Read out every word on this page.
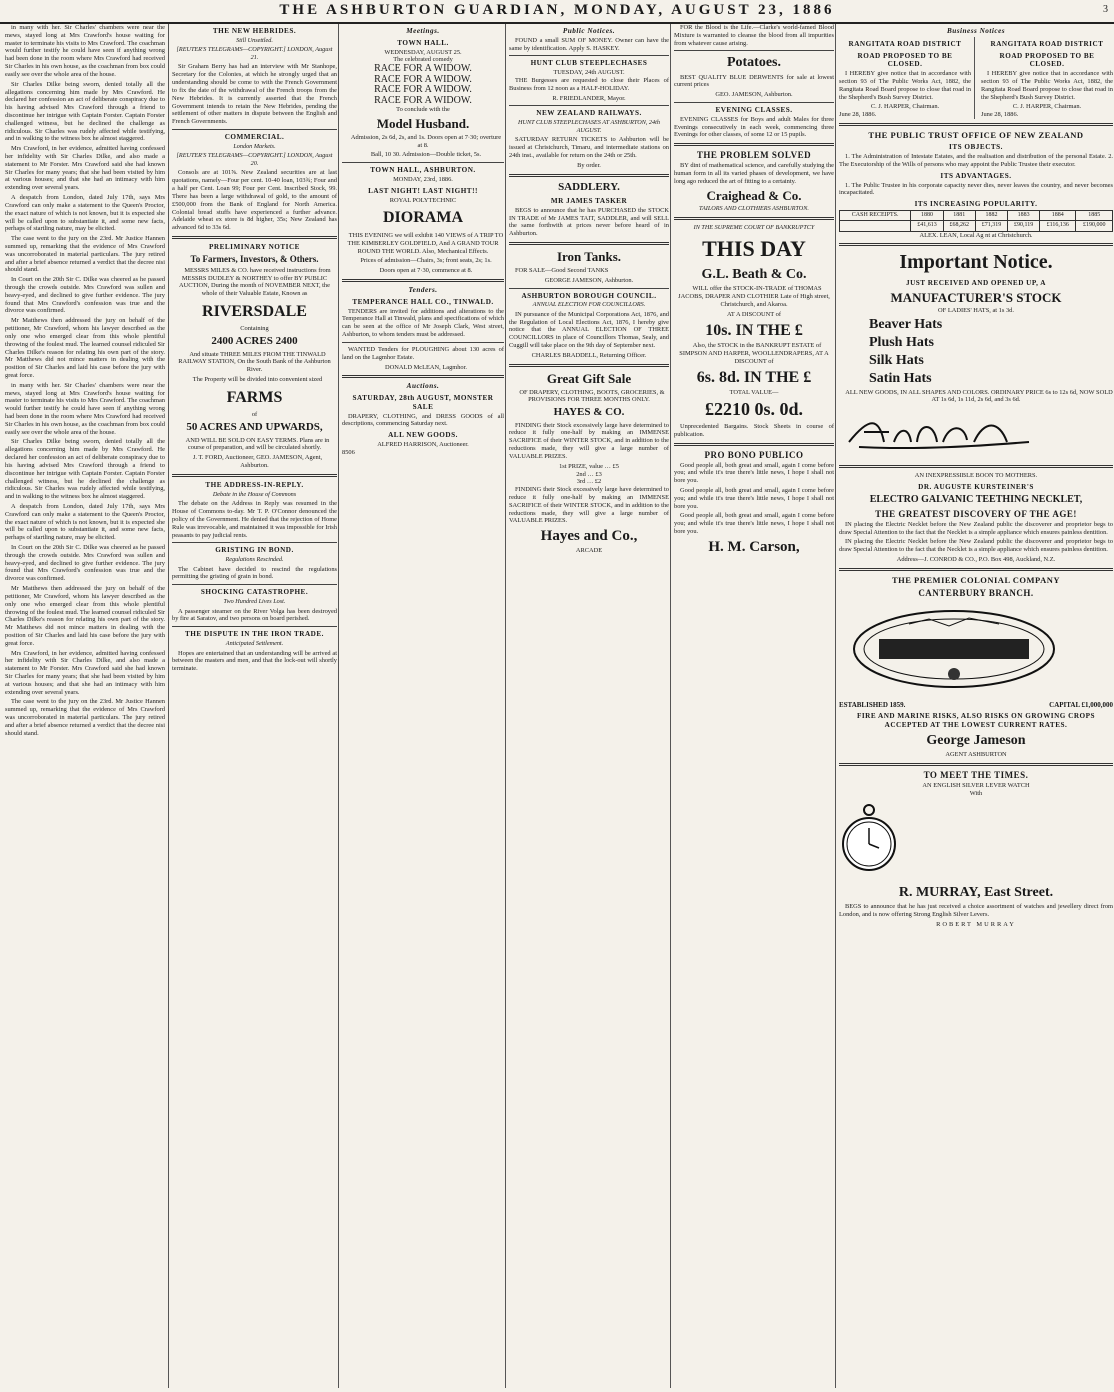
THE ASHBURTON GUARDIAN, MONDAY, AUGUST 23, 1886	3

in many with her. Sir Charles' chambers were near the mews, stayed long at Mrs Crawford's house waiting for master to terminate his visits to Mrs Crawford. The coachman would further testify he could have seen if anything wrong had been done in the room where Mrs Crawford had received Sir Charles in his own house, as the coachman from box could easily see over the whole area of the house.

Sir Charles Dilke being sworn, denied totally all the allegations concerning him made by Mrs Crawford. He declared her confession an act of deliberate conspiracy due to his having advised Mrs Crawford through a friend to discontinue her intrigue with Captain Forster. Captain Forster challenged witness, but he declined the challenge as ridiculous. Sir Charles was rudely affected while testifying, and in walking to the witness box he almost staggered.

Mrs Crawford, in her evidence, admitted having confessed her infidelity with Sir Charles Dilke, and also made a statement to Mr Forster. Mrs Crawford said she had known Sir Charles for many years; that she had been visited by him at various houses; and that she had an intimacy with him extending over several years.

A despatch from London, dated July 17th, says Mrs Crawford can only make a statement to the Queen's Proctor, the exact nature of which is not known, but it is expected she will be called upon to substantiate it, and some new facts, perhaps of startling nature, may be elicited.

The case went to the jury on the 23rd. Mr Justice Hannen summed up, remarking that the evidence of Mrs Crawford was uncorroborated in material particulars. The jury retired and after a brief absence returned a verdict that the decree nisi should stand.

In Court on the 20th Sir C. Dilke was cheered as he passed through the crowds outside. Mrs Crawford was sullen and heavy-eyed, and declined to give further evidence. The jury found that Mrs Crawford's confession was true and the divorce was confirmed.

Mr Matthews then addressed the jury on behalf of the petitioner, Mr Crawford, whom his lawyer described as the only one who emerged clear from this whole plentiful throwing of the foulest mud. The learned counsel ridiculed Sir Charles Dilke's reason for relating his own part of the story. Mr Matthews did not mince matters in dealing with the position of Sir Charles and laid his case before the jury with great force.

in many with her. Sir Charles' chambers were near the mews, stayed long at Mrs Crawford's house waiting for master to terminate his visits to Mrs Crawford. The coachman would further testify he could have seen if anything wrong had been done in the room where Mrs Crawford had received Sir Charles in his own house, as the coachman from box could easily see over the whole area of the house.

Sir Charles Dilke being sworn, denied totally all the allegations concerning him made by Mrs Crawford. He declared her confession an act of deliberate conspiracy due to his having advised Mrs Crawford through a friend to discontinue her intrigue with Captain Forster. Captain Forster challenged witness, but he declined the challenge as ridiculous. Sir Charles was rudely affected while testifying, and in walking to the witness box he almost staggered.

A despatch from London, dated July 17th, says Mrs Crawford can only make a statement to the Queen's Proctor, the exact nature of which is not known, but it is expected she will be called upon to substantiate it, and some new facts, perhaps of startling nature, may be elicited.

In Court on the 20th Sir C. Dilke was cheered as he passed through the crowds outside. Mrs Crawford was sullen and heavy-eyed, and declined to give further evidence. The jury found that Mrs Crawford's confession was true and the divorce was confirmed.

Mr Matthews then addressed the jury on behalf of the petitioner, Mr Crawford, whom his lawyer described as the only one who emerged clear from this whole plentiful throwing of the foulest mud. The learned counsel ridiculed Sir Charles Dilke's reason for relating his own part of the story. Mr Matthews did not mince matters in dealing with the position of Sir Charles and laid his case before the jury with great force.

Mrs Crawford, in her evidence, admitted having confessed her infidelity with Sir Charles Dilke, and also made a statement to Mr Forster. Mrs Crawford said she had known Sir Charles for many years; that she had been visited by him at various houses; and that she had an intimacy with him extending over several years.

The case went to the jury on the 23rd. Mr Justice Hannen summed up, remarking that the evidence of Mrs Crawford was uncorroborated in material particulars. The jury retired and after a brief absence returned a verdict that the decree nisi should stand.

THE NEW HEBRIDES.
Still Unsettled.
[REUTER'S TELEGRAMS—COPYRIGHT.] LONDON, August 21.

Sir Graham Berry has had an interview with Mr Stanhope, Secretary for the Colonies, at which he strongly urged that an understanding should be come to with the French Government to fix the date of the withdrawal of the French troops from the New Hebrides. It is currently asserted that the French Government intends to retain the New Hebrides, pending the settlement of other matters in dispute between the English and French Governments.

COMMERCIAL.
London Markets.
[REUTER'S TELEGRAMS—COPYRIGHT.] LONDON, August 20.

Consols are at 101⅝. New Zealand securities are at last quotations, namely—Four per cent. 10-40 loan, 103¾; Four and a half per Cent. Loan 99; Four per Cent. Inscribed Stock, 99. There has been a large withdrawal of gold, to the amount of £500,000 from the Bank of England for North America. Colonial bread stuffs have experienced a further advance. Adelaide wheat ex store is 8d higher, 35s; New Zealand has advanced 6d to 33s 6d.

PRELIMINARY NOTICE
To Farmers, Investors, & Others.

MESSRS MILES & CO. have received instructions from MESSRS DUDLEY & NORTHEY to offer BY PUBLIC AUCTION, During the month of NOVEMBER NEXT, the whole of their Valuable Estate, Known as

RIVERSDALE
Containing
2400 ACRES 2400

And situate THREE MILES FROM THE TINWALD RAILWAY STATION, On the South Bank of the Ashburton River.

The Property will be divided into convenient sized

FARMS
of
50 ACRES AND UPWARDS,

AND WILL BE SOLD ON EASY TERMS. Plans are in course of preparation, and will be circulated shortly.

J. T. FORD, Auctioneer, GEO. JAMESON, Agent, Ashburton.

THE ADDRESS-IN-REPLY.
Debate in the House of Commons

The debate on the Address in Reply was resumed in the House of Commons to-day. Mr T. P. O'Connor denounced the policy of the Government. He denied that the rejection of Home Rule was irrevocable, and maintained it was impossible for Irish peasants to pay judicial rents.

GRISTING IN BOND.
Regulations Rescinded.

The Cabinet have decided to rescind the regulations permitting the gristing of grain in bond.

SHOCKING CATASTROPHE.
Two Hundred Lives Lost.

A passenger steamer on the River Volga has been destroyed by fire at Saratov, and two persons on board perished.

THE DISPUTE IN THE IRON TRADE.
Anticipated Settlement.

Hopes are entertained that an understanding will be arrived at between the masters and men, and that the lock-out will shortly terminate.

Meetings.
TOWN HALL.
WEDNESDAY, AUGUST 25.
The celebrated comedy
RACE FOR A WIDOW.
RACE FOR A WIDOW.
RACE FOR A WIDOW.
RACE FOR A WIDOW.
To conclude with the
Model Husband.

Admission, 2s 6d, 2s, and 1s. Doors open at 7·30; overture at 8.

Ball, 10 30. Admission—Double ticket, 5s.

TOWN HALL, ASHBURTON.
MONDAY, 23rd, 1886.
LAST NIGHT! LAST NIGHT!!
ROYAL POLYTECHNIC
DIORAMA

THIS EVENING we will exhibit 140 VIEWS of A TRIP TO THE KIMBERLEY GOLDFIELD, And A GRAND TOUR ROUND THE WORLD. Also, Mechanical Effects.

Prices of admission—Chairs, 3s; front seats, 2s; 1s.

Doors open at 7·30, commence at 8.

Tenders.
TEMPERANCE HALL CO., TINWALD.

TENDERS are invited for additions and alterations to the Temperance Hall at Tinwald, plans and specifications of which can be seen at the office of Mr Joseph Clark, West street, Ashburton, to whom tenders must be addressed.

WANTED Tenders for PLOUGHING about 130 acres of land on the Lagmhor Estate.

DONALD McLEAN, Lagmhor.

Auctions.
SATURDAY, 28th AUGUST, MONSTER SALE

DRAPERY, CLOTHING, and DRESS GOODS of all descriptions, commencing Saturday next.

ALL NEW GOODS.
ALFRED HARRISON, Auctioneer.
8506
Public Notices.

FOUND a small SUM OF MONEY. Owner can have the same by identification. Apply S. HASKEY.

HUNT CLUB STEEPLECHASES
TUESDAY, 24th AUGUST.

THE Burgesses are requested to close their Places of Business from 12 noon as a HALF-HOLIDAY.

R. FRIEDLANDER, Mayor.
NEW ZEALAND RAILWAYS.
HUNT CLUB STEEPLECHASES AT ASHBURTON, 24th AUGUST.

SATURDAY RETURN TICKETS to Ashburton will be issued at Christchurch, Timaru, and intermediate stations on 24th inst., available for return on the 24th or 25th.

By order.
SADDLERY.
MR JAMES TASKER

BEGS to announce that he has PURCHASED the STOCK IN TRADE of Mr JAMES TAIT, SADDLER, and will SELL the same forthwith at prices never before heard of in Ashburton.

Iron Tanks.

FOR SALE—Good Second TANKS

GEORGE JAMESON, Ashburton.
ASHBURTON BOROUGH COUNCIL.
ANNUAL ELECTION FOR COUNCILLORS.

IN pursuance of the Municipal Corporations Act, 1876, and the Regulation of Local Elections Act, 1876, I hereby give notice that the ANNUAL ELECTION OF THREE COUNCILLORS in place of Councillors Thomas, Sealy, and Cuggill will take place on the 9th day of September next.

CHARLES BRADDELL, Returning Officer.
Great Gift Sale

OF DRAPERY, CLOTHING, BOOTS, GROCERIES, & PROVISIONS FOR THREE MONTHS ONLY.

HAYES & CO.

FINDING their Stock excessively large have determined to reduce it fully one-half by making an IMMENSE SACRIFICE of their WINTER STOCK, and in addition to the reductions made, they will give a large number of VALUABLE PRIZES.

1st PRIZE, value … £5
2nd … £3
3rd … £2

FINDING their Stock excessively large have determined to reduce it fully one-half by making an IMMENSE SACRIFICE of their WINTER STOCK, and in addition to the reductions made, they will give a large number of VALUABLE PRIZES.

Hayes and Co.,
ARCADE

FOR the Blood is the Life.—Clarke's world-famed Blood Mixture is warranted to cleanse the blood from all impurities from whatever cause arising.

Potatoes.

BEST QUALITY BLUE DERWENTS for sale at lowest current prices

GEO. JAMESON, Ashburton.
EVENING CLASSES.

EVENING CLASSES for Boys and adult Males for three Evenings consecutively in each week, commencing three Evenings for other classes, of some 12 or 15 pupils.

THE PROBLEM SOLVED

BY dint of mathematical science, and carefully studying the human form in all its varied phases of development, we have long ago reduced the art of fitting to a certainty.

Craighead & Co.
TAILORS AND CLOTHIERS ASHBURTON.
IN THE SUPREME COURT OF BANKRUPTCY
THIS DAY
G.L. Beath & Co.

WILL offer the STOCK-IN-TRADE of THOMAS JACOBS, DRAPER AND CLOTHIER Late of High street, Christchurch, and Akaroa.

AT A DISCOUNT of
10s. IN THE £

Also, the STOCK in the BANKRUPT ESTATE of SIMPSON AND HARPER, WOOLLENDRAPERS, AT A DISCOUNT of

6s. 8d. IN THE £
TOTAL VALUE—
£2210 0s. 0d.

Unprecedented Bargains. Stock Sheets in course of publication.

PRO BONO PUBLICO

Good people all, both great and small, again I come before you; and while it's true there's little news, I hope I shall not bore you.

Good people all, both great and small, again I come before you; and while it's true there's little news, I hope I shall not bore you.

Good people all, both great and small, again I come before you; and while it's true there's little news, I hope I shall not bore you.

H. M. Carson,
Business Notices
RANGITATA ROAD DISTRICT
ROAD PROPOSED TO BE CLOSED.

I HEREBY give notice that in accordance with section 93 of The Public Works Act, 1882, the Rangitata Road Board propose to close that road in the Shepherd's Bush Survey District.

C. J. HARPER, Chairman.
June 28, 1886.
RANGITATA ROAD DISTRICT
ROAD PROPOSED TO BE CLOSED.

I HEREBY give notice that in accordance with section 93 of The Public Works Act, 1882, the Rangitata Road Board propose to close that road in the Shepherd's Bush Survey District.

C. J. HARPER, Chairman.
June 28, 1886.
THE PUBLIC TRUST OFFICE OF NEW ZEALAND
ITS OBJECTS.

1. The Administration of Intestate Estates, and the realisation and distribution of the personal Estate. 2. The Executorship of the Wills of persons who may appoint the Public Trustee their executor.

ITS ADVANTAGES.

1. The Public Trustee in his corporate capacity never dies, never leaves the country, and never becomes incapacitated.

ITS INCREASING POPULARITY.
CASH RECEIPTS.	1880	1881	1882	1883	1884	1885
	£41,613	£68,262	£71,319	£90,119	£116,136	£190,000
ALEX. LEAN, Local Ag nt at Christchurch.
Important Notice.
JUST RECEIVED AND OPENED UP, A
MANUFACTURER'S STOCK
OF LADIES' HATS, at 1s 3d.
Beaver Hats
Plush Hats
Silk Hats
Satin Hats

ALL NEW GOODS, IN ALL SHAPES AND COLORS. ORDINARY PRICE 6s to 12s 6d, NOW SOLD AT 1s 6d, 1s 11d, 2s 6d, and 3s 6d.

AN INEXPRESSIBLE BOON TO MOTHERS.
DR. AUGUSTE KURSTEINER'S
ELECTRO GALVANIC TEETHING NECKLET,
THE GREATEST DISCOVERY OF THE AGE!

IN placing the Electric Necklet before the New Zealand public the discoverer and proprietor begs to draw Special Attention to the fact that the Necklet is a simple appliance which ensures painless dentition.

IN placing the Electric Necklet before the New Zealand public the discoverer and proprietor begs to draw Special Attention to the fact that the Necklet is a simple appliance which ensures painless dentition.

Address—J. CONROD & CO., P.O. Box 498, Auckland, N.Z.
THE PREMIER COLONIAL COMPANY
CANTERBURY BRANCH.
ESTABLISHED 1859.	CAPITAL £1,000,000
FIRE AND MARINE RISKS, ALSO RISKS ON GROWING CROPS ACCEPTED AT THE LOWEST CURRENT RATES.
George Jameson
AGENT ASHBURTON
TO MEET THE TIMES.
AN ENGLISH SILVER LEVER WATCH
With
R. MURRAY, East Street.

BEGS to announce that he has just received a choice assortment of watches and jewellery direct from London, and is now offering Strong English Silver Levers.

ROBERT MURRAY
